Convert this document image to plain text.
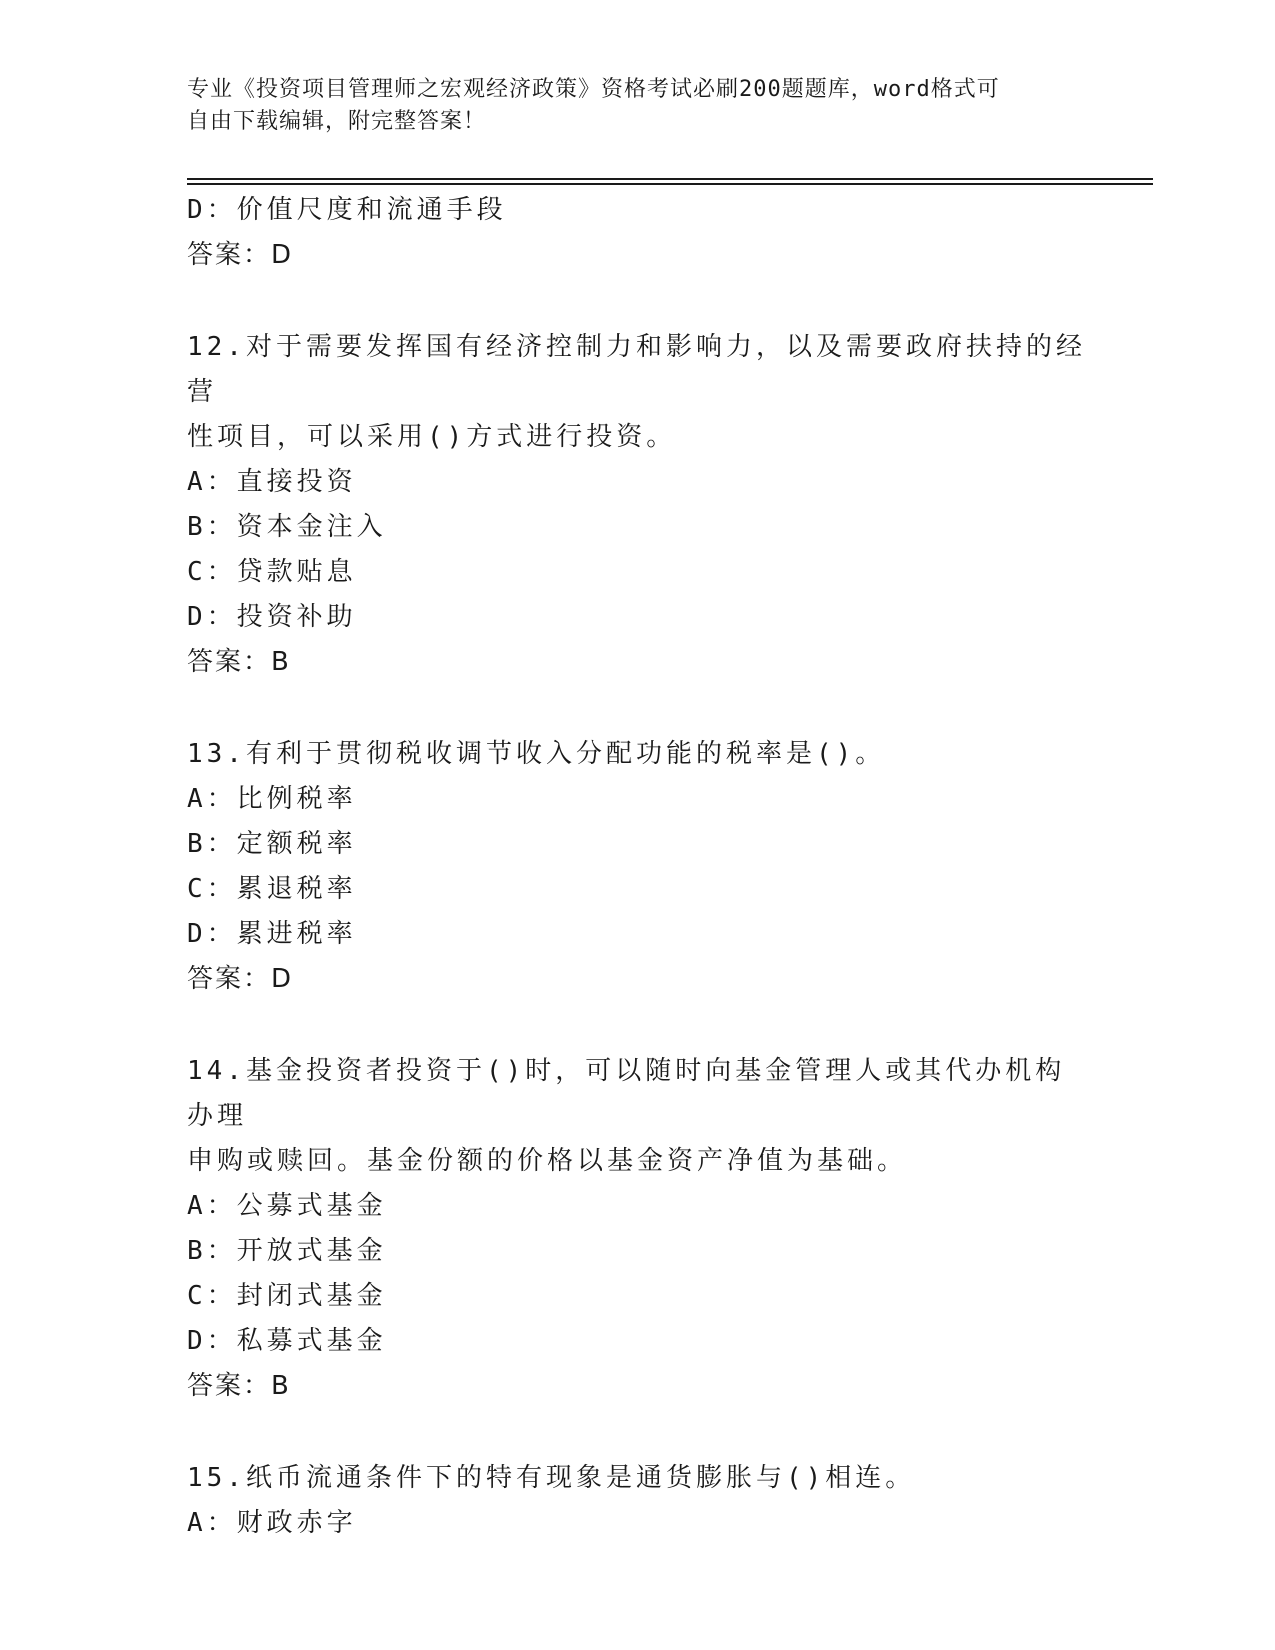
专业《投资项目管理师之宏观经济政策》资格考试必刷200题题库，word格式可
自由下载编辑，附完整答案！
D：价值尺度和流通手段
答案：D
12.对于需要发挥国有经济控制力和影响力，以及需要政府扶持的经营
性项目，可以采用()方式进行投资。
A：直接投资
B：资本金注入
C：贷款贴息
D：投资补助
答案：B
13.有利于贯彻税收调节收入分配功能的税率是()。
A：比例税率
B：定额税率
C：累退税率
D：累进税率
答案：D
14.基金投资者投资于()时，可以随时向基金管理人或其代办机构办理
申购或赎回。基金份额的价格以基金资产净值为基础。
A：公募式基金
B：开放式基金
C：封闭式基金
D：私募式基金
答案：B
15.纸币流通条件下的特有现象是通货膨胀与()相连。
A：财政赤字
